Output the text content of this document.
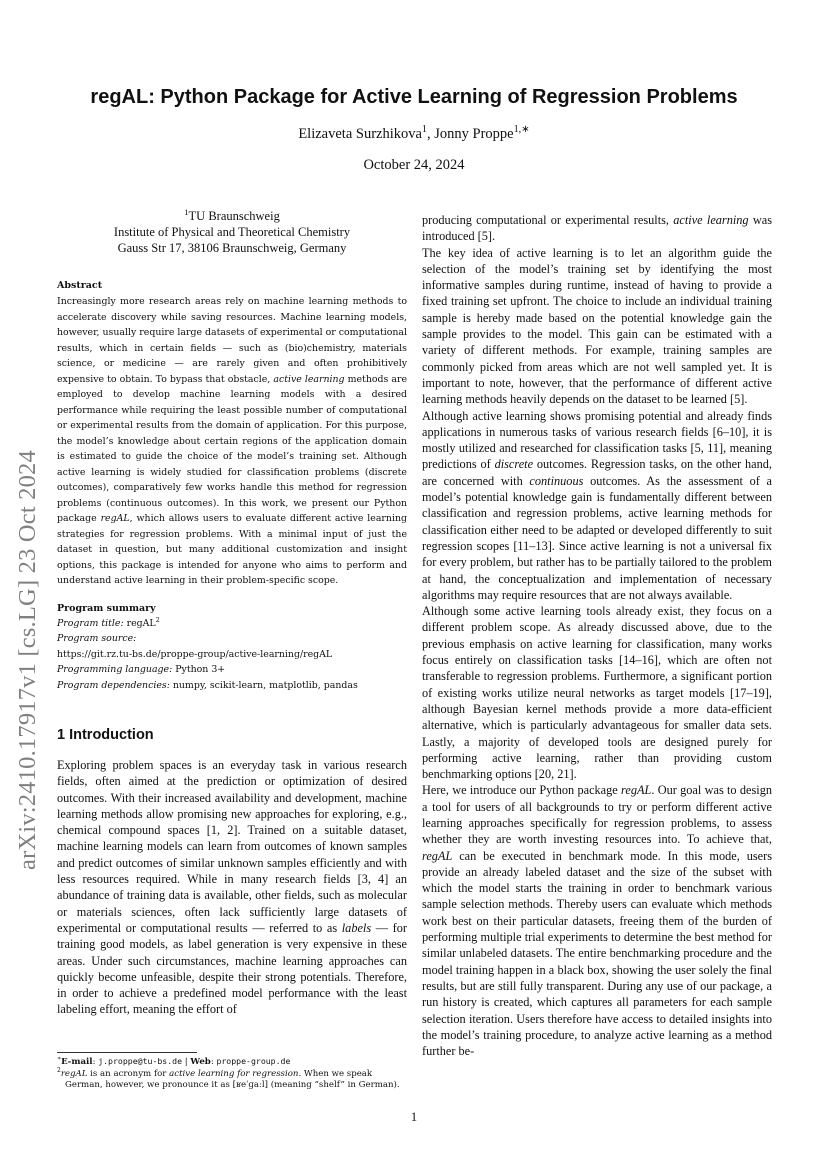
arXiv:2410.17917v1 [cs.LG] 23 Oct 2024
regAL: Python Package for Active Learning of Regression Problems
Elizaveta Surzhikova$^1$, Jonny Proppe$^{1,∗}$
October 24, 2024
$^1$TU Braunschweig
Institute of Physical and Theoretical Chemistry
Gauss Str 17, 38106 Braunschweig, Germany
Abstract

Increasingly more research areas rely on machine learning methods to accelerate discovery while saving resources. Machine learning models, however, usually require large datasets of experimental or computational results, which in certain fields — such as (bio)chemistry, materials science, or medicine — are rarely given and often prohibitively expensive to obtain. To bypass that obstacle, active learning methods are employed to develop machine learning models with a desired performance while requiring the least possible number of computational or experimental results from the domain of application. For this purpose, the model’s knowledge about certain regions of the application domain is estimated to guide the choice of the model’s training set. Although active learning is widely studied for classification problems (discrete outcomes), comparatively few works handle this method for regression problems (continuous outcomes). In this work, we present our Python package regAL, which allows users to evaluate different active learning strategies for regression problems. With a minimal input of just the dataset in question, but many additional customization and insight options, this package is intended for anyone who aims to perform and understand active learning in their problem-specific scope.

Program summary
Program title: regAL$^2$
Program source:
https://git.rz.tu-bs.de/proppe-group/active-learning/regAL
Programming language: Python 3+
Program dependencies: numpy, scikit-learn, matplotlib, pandas
1 Introduction

Exploring problem spaces is an everyday task in various research fields, often aimed at the prediction or optimization of desired outcomes. With their increased availability and development, machine learning methods allow promising new approaches for exploring, e.g., chemical compound spaces [1, 2]. Trained on a suitable dataset, machine learning models can learn from outcomes of known samples and predict outcomes of similar unknown samples efficiently and with less resources required. While in many research fields [3, 4] an abundance of training data is available, other fields, such as molecular or materials sciences, often lack sufficiently large datasets of experimental or computational results — referred to as labels — for training good models, as label generation is very expensive in these areas. Under such circumstances, machine learning approaches can quickly become unfeasible, despite their strong potentials. Therefore, in order to achieve a predefined model performance with the least labeling effort, meaning the effort of

producing computational or experimental results, active learning was introduced [5].

The key idea of active learning is to let an algorithm guide the selection of the model’s training set by identifying the most informative samples during runtime, instead of having to provide a fixed training set upfront. The choice to include an individual training sample is hereby made based on the potential knowledge gain the sample provides to the model. This gain can be estimated with a variety of different methods. For example, training samples are commonly picked from areas which are not well sampled yet. It is important to note, however, that the performance of different active learning methods heavily depends on the dataset to be learned [5].

Although active learning shows promising potential and already finds applications in numerous tasks of various research fields [6–10], it is mostly utilized and researched for classification tasks [5, 11], meaning predictions of discrete outcomes. Regression tasks, on the other hand, are concerned with continuous outcomes. As the assessment of a model’s potential knowledge gain is fundamentally different between classification and regression problems, active learning methods for classification either need to be adapted or developed differently to suit regression scopes [11–13]. Since active learning is not a universal fix for every problem, but rather has to be partially tailored to the problem at hand, the conceptualization and implementation of necessary algorithms may require resources that are not always available.

Although some active learning tools already exist, they focus on a different problem scope. As already discussed above, due to the previous emphasis on active learning for classification, many works focus entirely on classification tasks [14–16], which are often not transferable to regression problems. Furthermore, a significant portion of existing works utilize neural networks as target models [17–19], although Bayesian kernel methods provide a more data-efficient alternative, which is particularly advantageous for smaller data sets. Lastly, a majority of developed tools are designed purely for performing active learning, rather than providing custom benchmarking options [20, 21].

Here, we introduce our Python package regAL. Our goal was to design a tool for users of all backgrounds to try or perform different active learning approaches specifically for regression problems, to assess whether they are worth investing resources into. To achieve that, regAL can be executed in benchmark mode. In this mode, users provide an already labeled dataset and the size of the subset with which the model starts the training in order to benchmark various sample selection methods. Thereby users can evaluate which methods work best on their particular datasets, freeing them of the burden of performing multiple trial experiments to determine the best method for similar unlabeled datasets. The entire benchmarking procedure and the model training happen in a black box, showing the user solely the final results, but are still fully transparent. During any use of our package, a run history is created, which captures all parameters for each sample selection iteration. Users therefore have access to detailed insights into the model’s training procedure, to analyze active learning as a method further be-

∗E-mail: j.proppe@tu-bs.de | Web: proppe-group.de

$^2$regAL is an acronym for active learning for regression. When we speak German, however, we pronounce it as [ʁeˈɡaːl] (meaning “shelf” in German).

1
